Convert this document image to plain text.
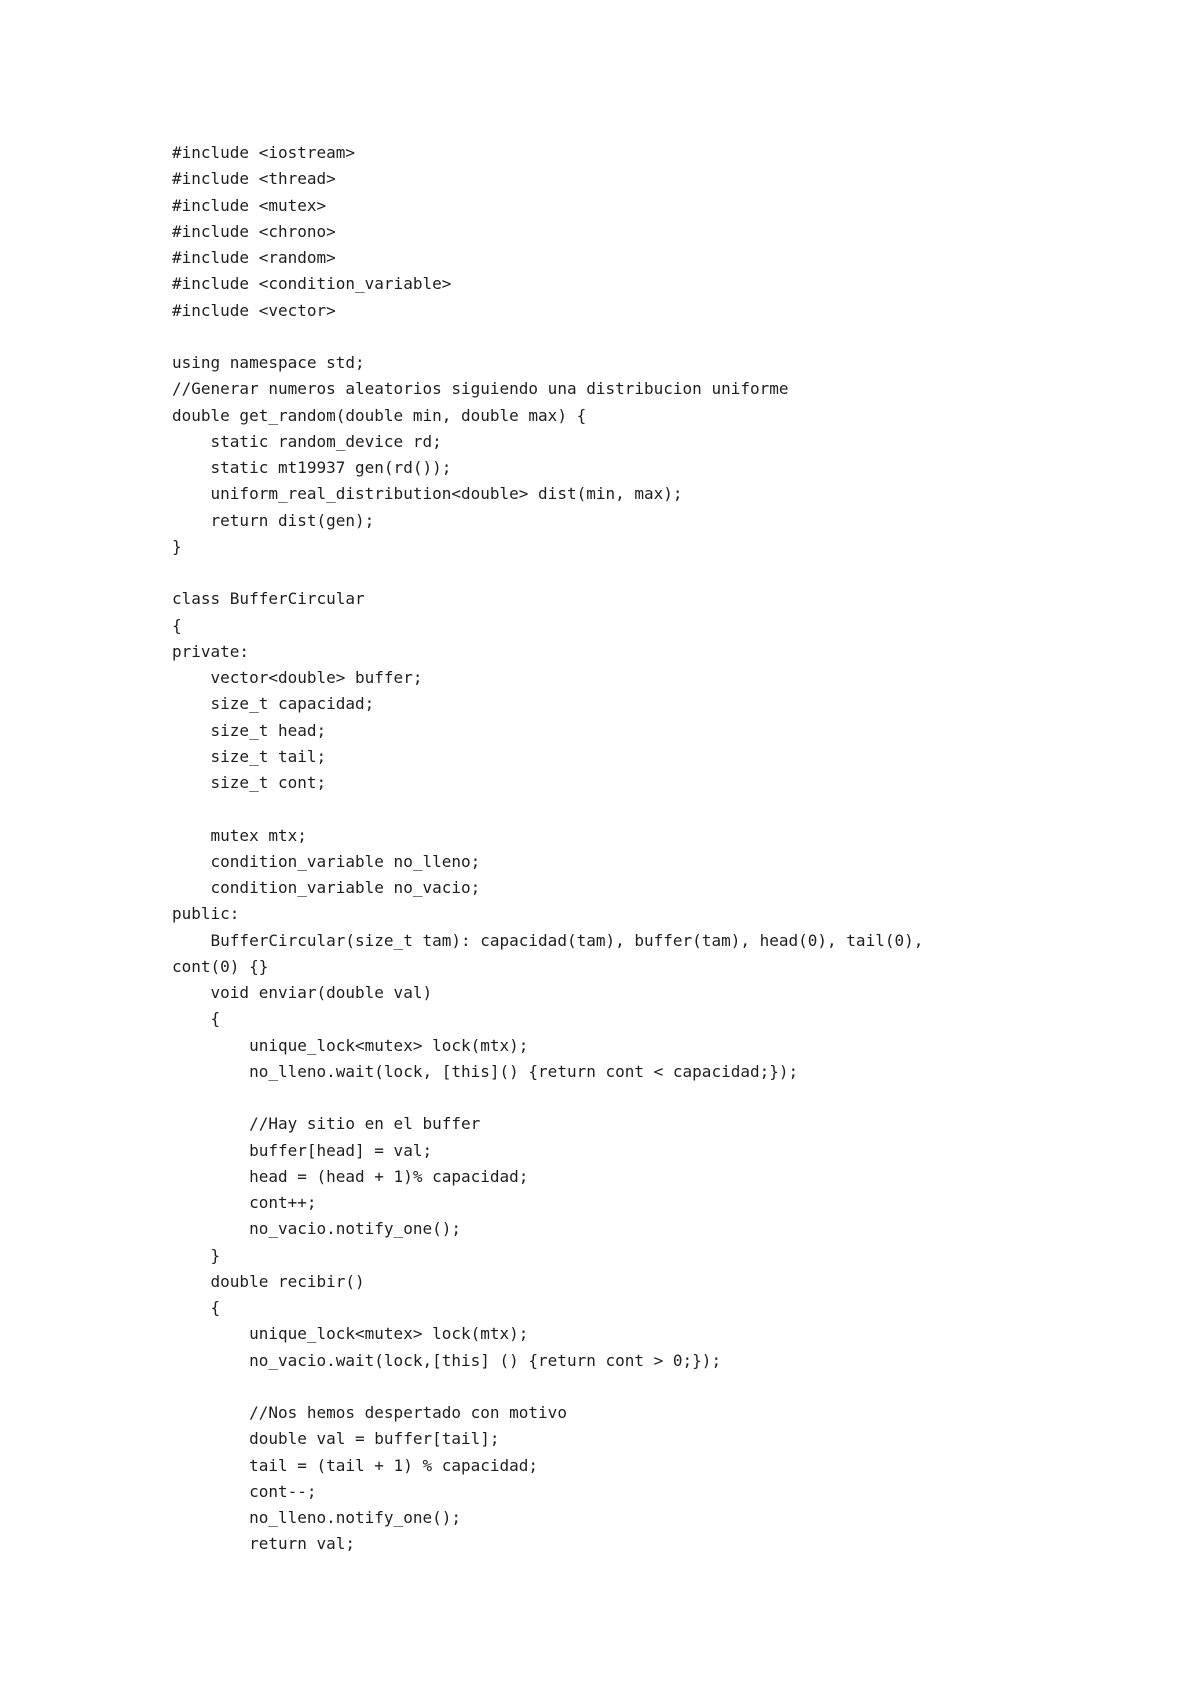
#include <iostream>
#include <thread>
#include <mutex>
#include <chrono>
#include <random>
#include <condition_variable>
#include <vector>
using namespace std;
//Generar numeros aleatorios siguiendo una distribucion uniforme
double get_random(double min, double max) {
static random_device rd;
static mt19937 gen(rd());
uniform_real_distribution<double> dist(min, max);
return dist(gen);
}
class BufferCircular
{
private:
vector<double> buffer;
size_t capacidad;
size_t head;
size_t tail;
size_t cont;
mutex mtx;
condition_variable no_lleno;
condition_variable no_vacio;
public:
BufferCircular(size_t tam): capacidad(tam), buffer(tam), head(0), tail(0),
cont(0) {}
void enviar(double val)
{
unique_lock<mutex> lock(mtx);
no_lleno.wait(lock, [this]() {return cont < capacidad;});
//Hay sitio en el buffer
buffer[head] = val;
head = (head + 1)% capacidad;
cont++;
no_vacio.notify_one();
}
double recibir()
{
unique_lock<mutex> lock(mtx);
no_vacio.wait(lock,[this] () {return cont > 0;});
//Nos hemos despertado con motivo
double val = buffer[tail];
tail = (tail + 1) % capacidad;
cont--;
no_lleno.notify_one();
return val;
